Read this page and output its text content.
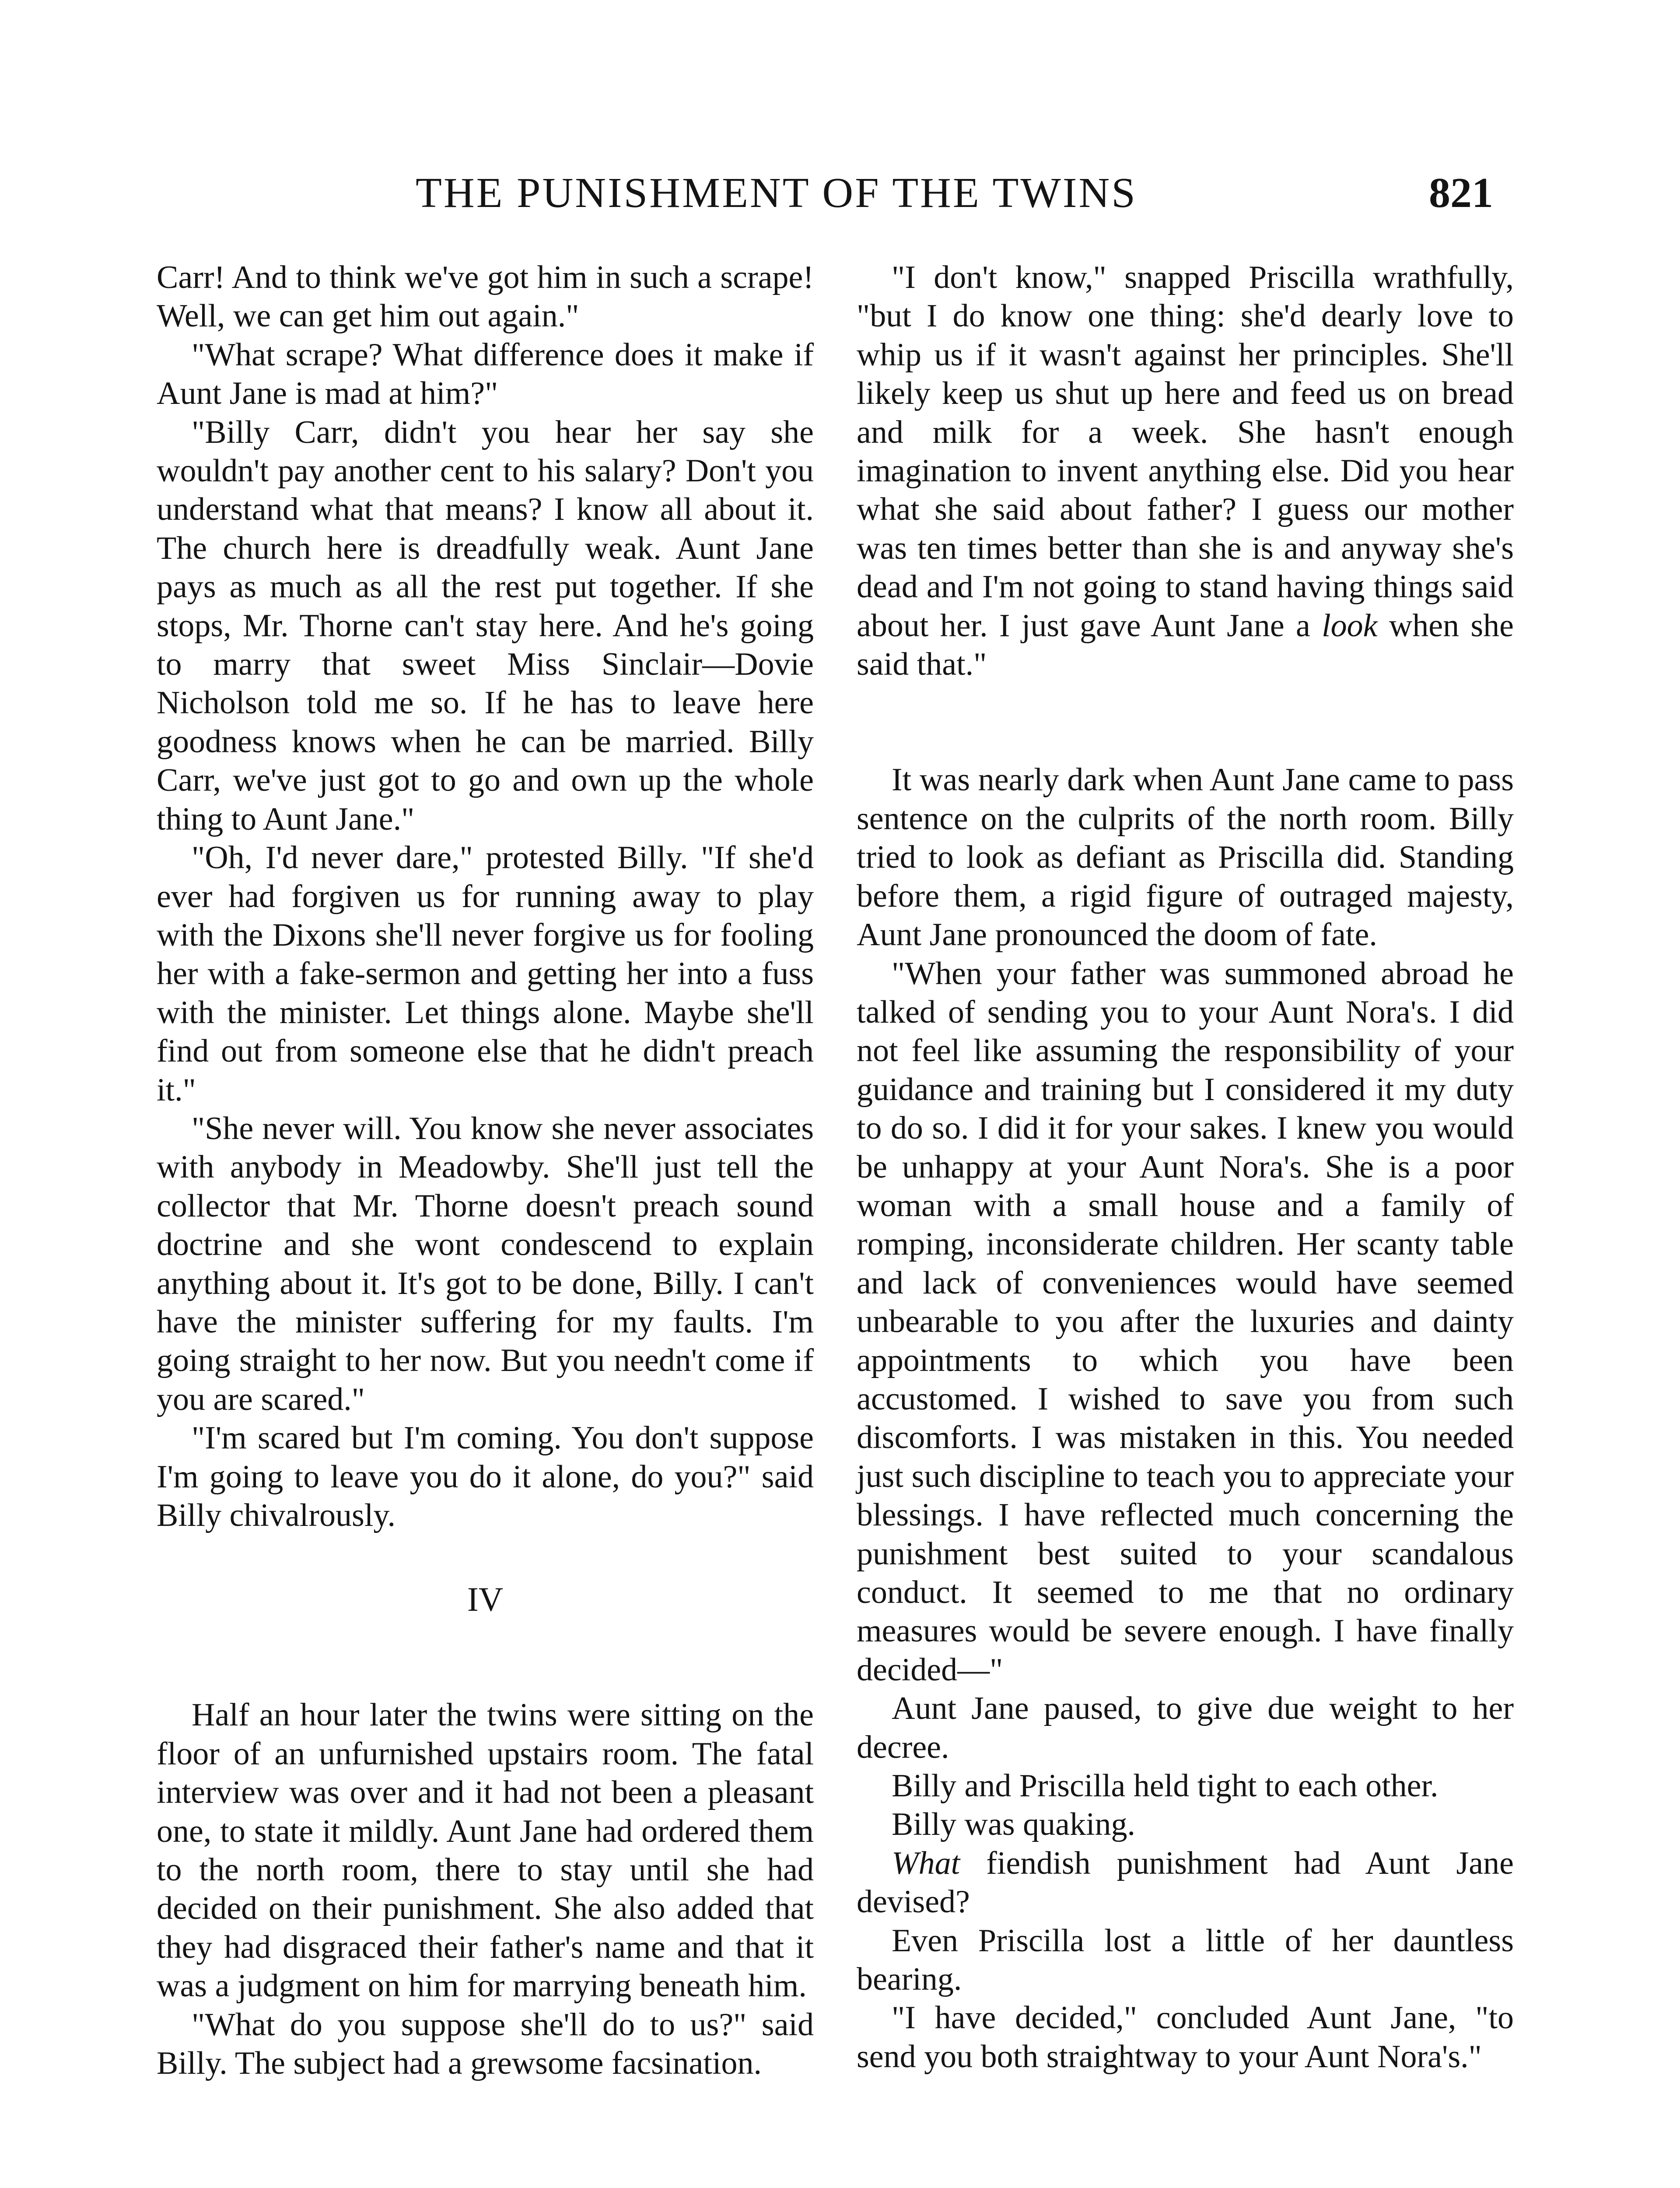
THE PUNISHMENT OF THE TWINS	821

Carr! And to think we've got him in such a scrape! Well, we can get him out again."

"What scrape? What difference does it make if Aunt Jane is mad at him?"

"Billy Carr, didn't you hear her say she wouldn't pay another cent to his salary? Don't you understand what that means? I know all about it. The church here is dreadfully weak. Aunt Jane pays as much as all the rest put together. If she stops, Mr. Thorne can't stay here. And he's going to marry that sweet Miss Sinclair—Dovie Nicholson told me so. If he has to leave here goodness knows when he can be married. Billy Carr, we've just got to go and own up the whole thing to Aunt Jane."

"Oh, I'd never dare," protested Billy. "If she'd ever had forgiven us for running away to play with the Dixons she'll never forgive us for fooling her with a fake-sermon and getting her into a fuss with the minister. Let things alone. Maybe she'll find out from someone else that he didn't preach it."

"She never will. You know she never associates with anybody in Meadowby. She'll just tell the collector that Mr. Thorne doesn't preach sound doctrine and she wont condescend to explain anything about it. It's got to be done, Billy. I can't have the minister suffering for my faults. I'm going straight to her now. But you needn't come if you are scared."

"I'm scared but I'm coming. You don't suppose I'm going to leave you do it alone, do you?" said Billy chivalrously.

IV

Half an hour later the twins were sitting on the floor of an unfurnished upstairs room. The fatal interview was over and it had not been a pleasant one, to state it mildly. Aunt Jane had ordered them to the north room, there to stay until she had decided on their punishment. She also added that they had disgraced their father's name and that it was a judgment on him for marrying beneath him.

"What do you suppose she'll do to us?" said Billy. The subject had a grewsome facsination.

"I don't know," snapped Priscilla wrathfully, "but I do know one thing: she'd dearly love to whip us if it wasn't against her principles. She'll likely keep us shut up here and feed us on bread and milk for a week. She hasn't enough imagination to invent anything else. Did you hear what she said about father? I guess our mother was ten times better than she is and anyway she's dead and I'm not going to stand having things said about her. I just gave Aunt Jane a look when she said that."

It was nearly dark when Aunt Jane came to pass sentence on the culprits of the north room. Billy tried to look as defiant as Priscilla did. Standing before them, a rigid figure of outraged majesty, Aunt Jane pronounced the doom of fate.

"When your father was summoned abroad he talked of sending you to your Aunt Nora's. I did not feel like assuming the responsibility of your guidance and training but I considered it my duty to do so. I did it for your sakes. I knew you would be unhappy at your Aunt Nora's. She is a poor woman with a small house and a family of romping, inconsiderate children. Her scanty table and lack of conveniences would have seemed unbearable to you after the luxuries and dainty appointments to which you have been accustomed. I wished to save you from such discomforts. I was mistaken in this. You needed just such discipline to teach you to appreciate your blessings. I have reflected much concerning the punishment best suited to your scandalous conduct. It seemed to me that no ordinary measures would be severe enough. I have finally decided—"

Aunt Jane paused, to give due weight to her decree.

Billy and Priscilla held tight to each other.

Billy was quaking.

What fiendish punishment had Aunt Jane devised?

Even Priscilla lost a little of her dauntless bearing.

"I have decided," concluded Aunt Jane, "to send you both straightway to your Aunt Nora's."
